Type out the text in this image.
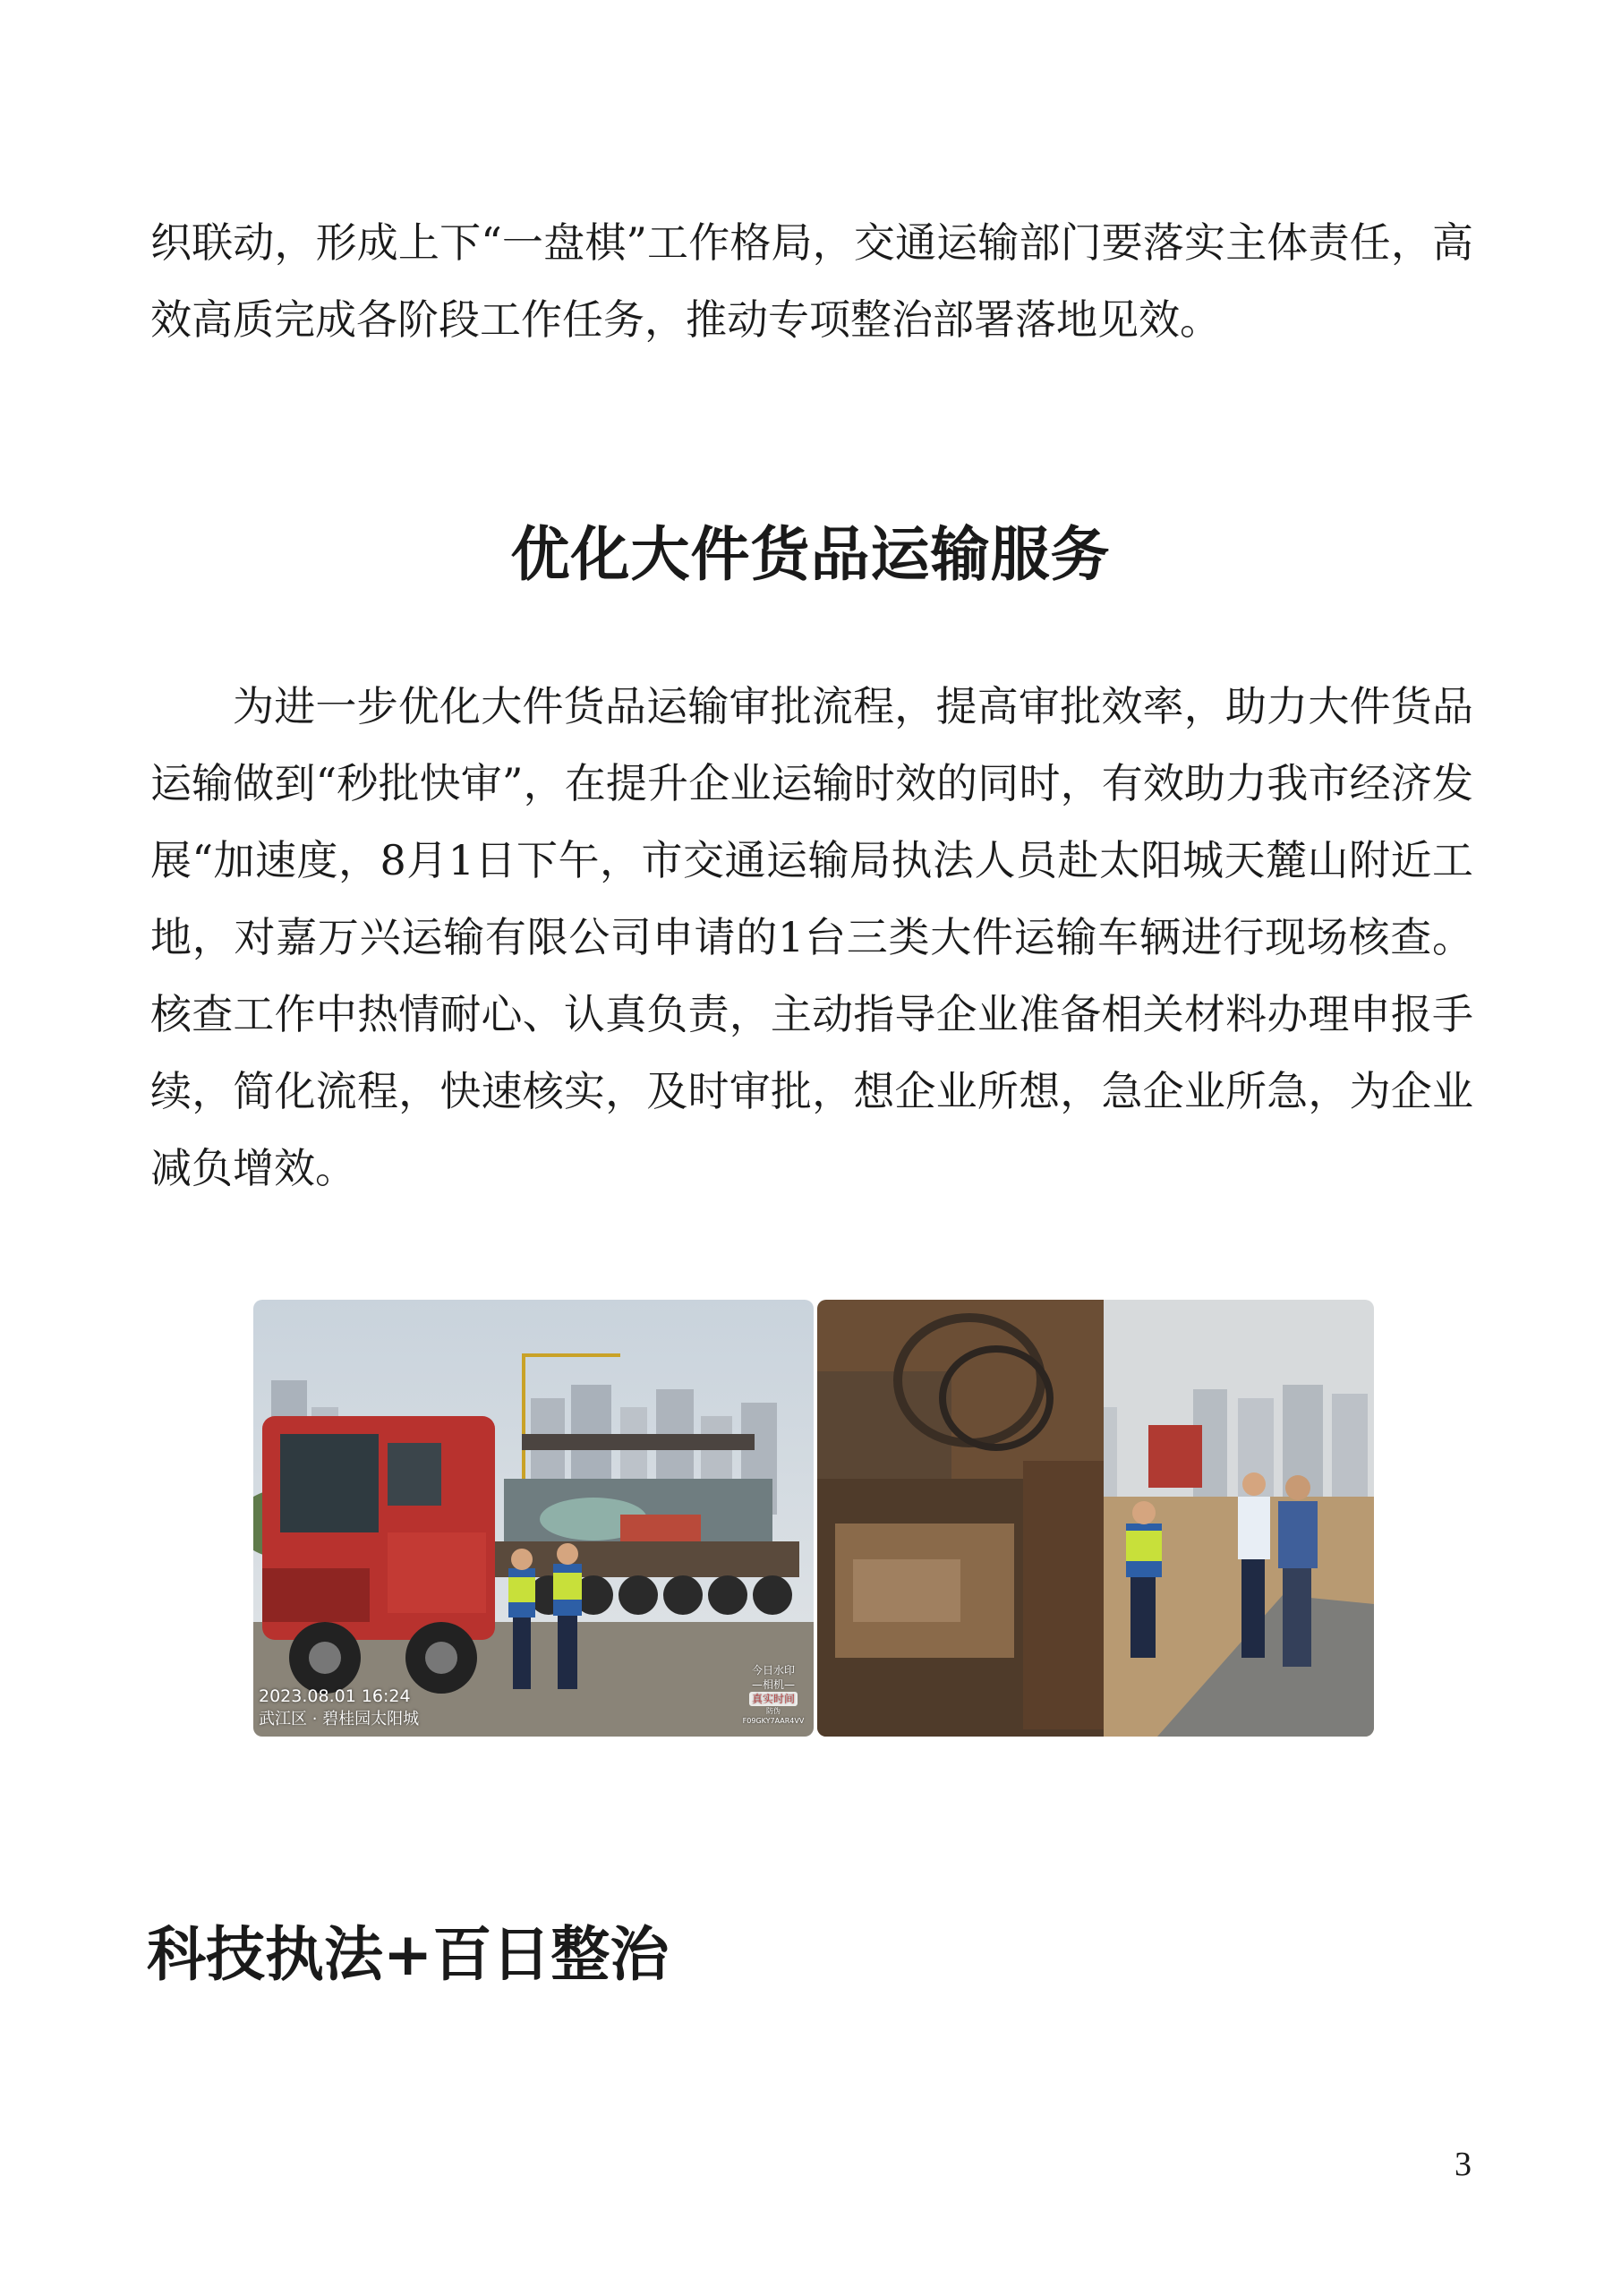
织联动，形成上下“一盘棋”工作格局，交通运输部门要落实主体责任，高效高质完成各阶段工作任务，推动专项整治部署落地见效。

优化大件货品运输服务

为进一步优化大件货品运输审批流程，提高审批效率，助力大件货品运输做到“秒批快审”，在提升企业运输时效的同时，有效助力我市经济发展“加速度，8月1日下午，市交通运输局执法人员赴太阳城天麓山附近工地，对嘉万兴运输有限公司申请的1台三类大件运输车辆进行现场核查。核查工作中热情耐心、认真负责，主动指导企业准备相关材料办理申报手续，简化流程，快速核实，及时审批，想企业所想，急企业所急，为企业减负增效。

2023.08.01 16:24
武江区 · 碧桂园太阳城
今日水印
—相机—
真实时间
防伪 F09GKY7AAR4VV
科技执法+百日整治
3
